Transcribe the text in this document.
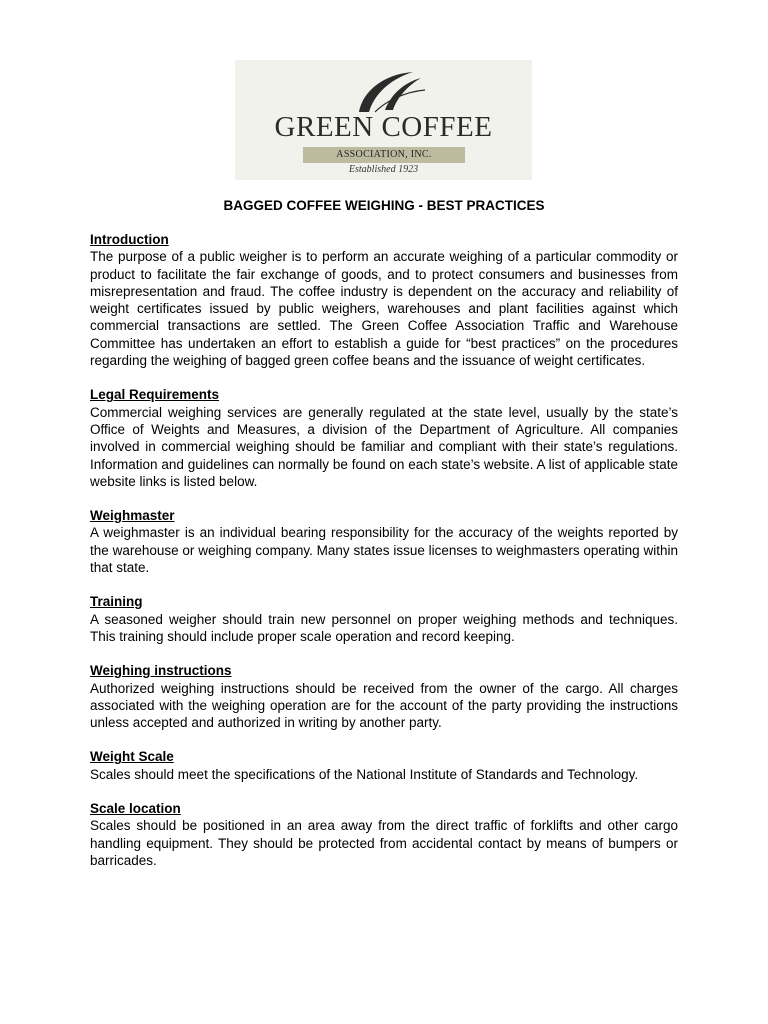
GREEN COFFEE
ASSOCIATION, INC.
Established 1923
BAGGED COFFEE WEIGHING - BEST PRACTICES
Introduction

The purpose of a public weigher is to perform an accurate weighing of a particular commodity or product to facilitate the fair exchange of goods, and to protect consumers and businesses from misrepresentation and fraud. The coffee industry is dependent on the accuracy and reliability of weight certificates issued by public weighers, warehouses and plant facilities against which commercial transactions are settled. The Green Coffee Association Traffic and Warehouse Committee has undertaken an effort to establish a guide for “best practices” on the procedures regarding the weighing of bagged green coffee beans and the issuance of weight certificates.

Legal Requirements

Commercial weighing services are generally regulated at the state level, usually by the state’s Office of Weights and Measures, a division of the Department of Agriculture. All companies involved in commercial weighing should be familiar and compliant with their state’s regulations. Information and guidelines can normally be found on each state’s website. A list of applicable state website links is listed below.

Weighmaster

A weighmaster is an individual bearing responsibility for the accuracy of the weights reported by the warehouse or weighing company. Many states issue licenses to weighmasters operating within that state.

Training

A seasoned weigher should train new personnel on proper weighing methods and techniques. This training should include proper scale operation and record keeping.

Weighing instructions

Authorized weighing instructions should be received from the owner of the cargo. All charges associated with the weighing operation are for the account of the party providing the instructions unless accepted and authorized in writing by another party.

Weight Scale

Scales should meet the specifications of the National Institute of Standards and Technology.

Scale location

Scales should be positioned in an area away from the direct traffic of forklifts and other cargo handling equipment. They should be protected from accidental contact by means of bumpers or barricades.
